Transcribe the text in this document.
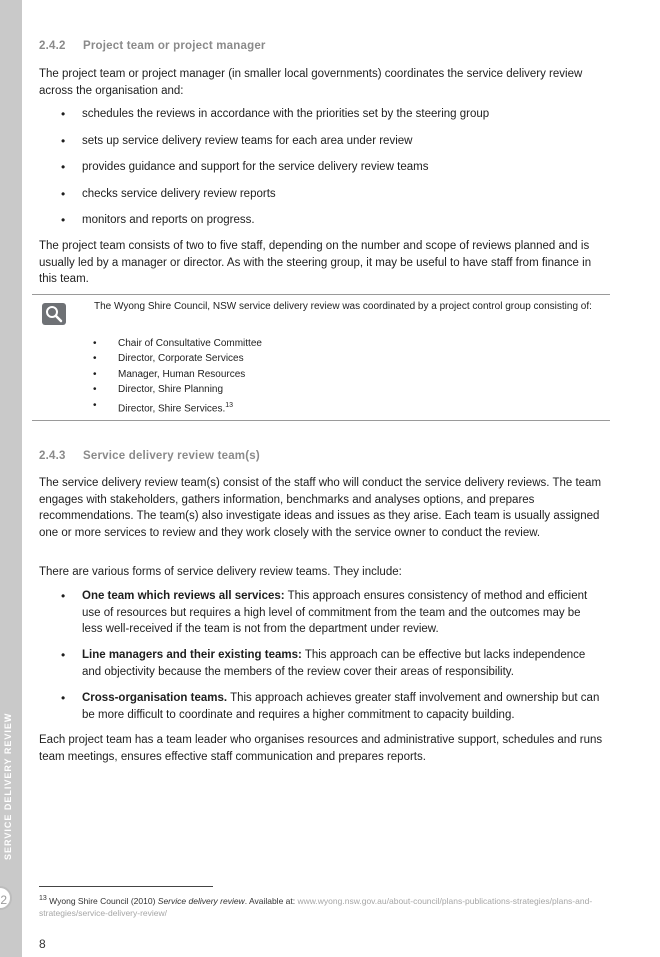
SERVICE DELIVERY REVIEW
2
2.4.2 Project team or project manager
The project team or project manager (in smaller local governments) coordinates the service delivery review across the organisation and:
• schedules the reviews in accordance with the priorities set by the steering group
• sets up service delivery review teams for each area under review
• provides guidance and support for the service delivery review teams
• checks service delivery review reports
• monitors and reports on progress.
The project team consists of two to five staff, depending on the number and scope of reviews planned and is usually led by a manager or director. As with the steering group, it may be useful to have staff from finance in this team.
The Wyong Shire Council, NSW service delivery review was coordinated by a project control group consisting of:
• Chair of Consultative Committee
• Director, Corporate Services
• Manager, Human Resources
• Director, Shire Planning
• Director, Shire Services.$^{13}$
2.4.3 Service delivery review team(s)
The service delivery review team(s) consist of the staff who will conduct the service delivery reviews. The team engages with stakeholders, gathers information, benchmarks and analyses options, and prepares recommendations. The team(s) also investigate ideas and issues as they arise. Each team is usually assigned one or more services to review and they work closely with the service owner to conduct the review.
There are various forms of service delivery review teams. They include:
• One team which reviews all services: This approach ensures consistency of method and efficient use of resources but requires a high level of commitment from the team and the outcomes may be less well-received if the team is not from the department under review.
• Line managers and their existing teams: This approach can be effective but lacks independence and objectivity because the members of the review cover their areas of responsibility.
• Cross-organisation teams. This approach achieves greater staff involvement and ownership but can be more difficult to coordinate and requires a higher commitment to capacity building.
Each project team has a team leader who organises resources and administrative support, schedules and runs team meetings, ensures effective staff communication and prepares reports.
$^{13}$ Wyong Shire Council (2010) Service delivery review. Available at: www.wyong.nsw.gov.au/about-council/plans-publications-strategies/plans-and-strategies/service-delivery-review/
8
